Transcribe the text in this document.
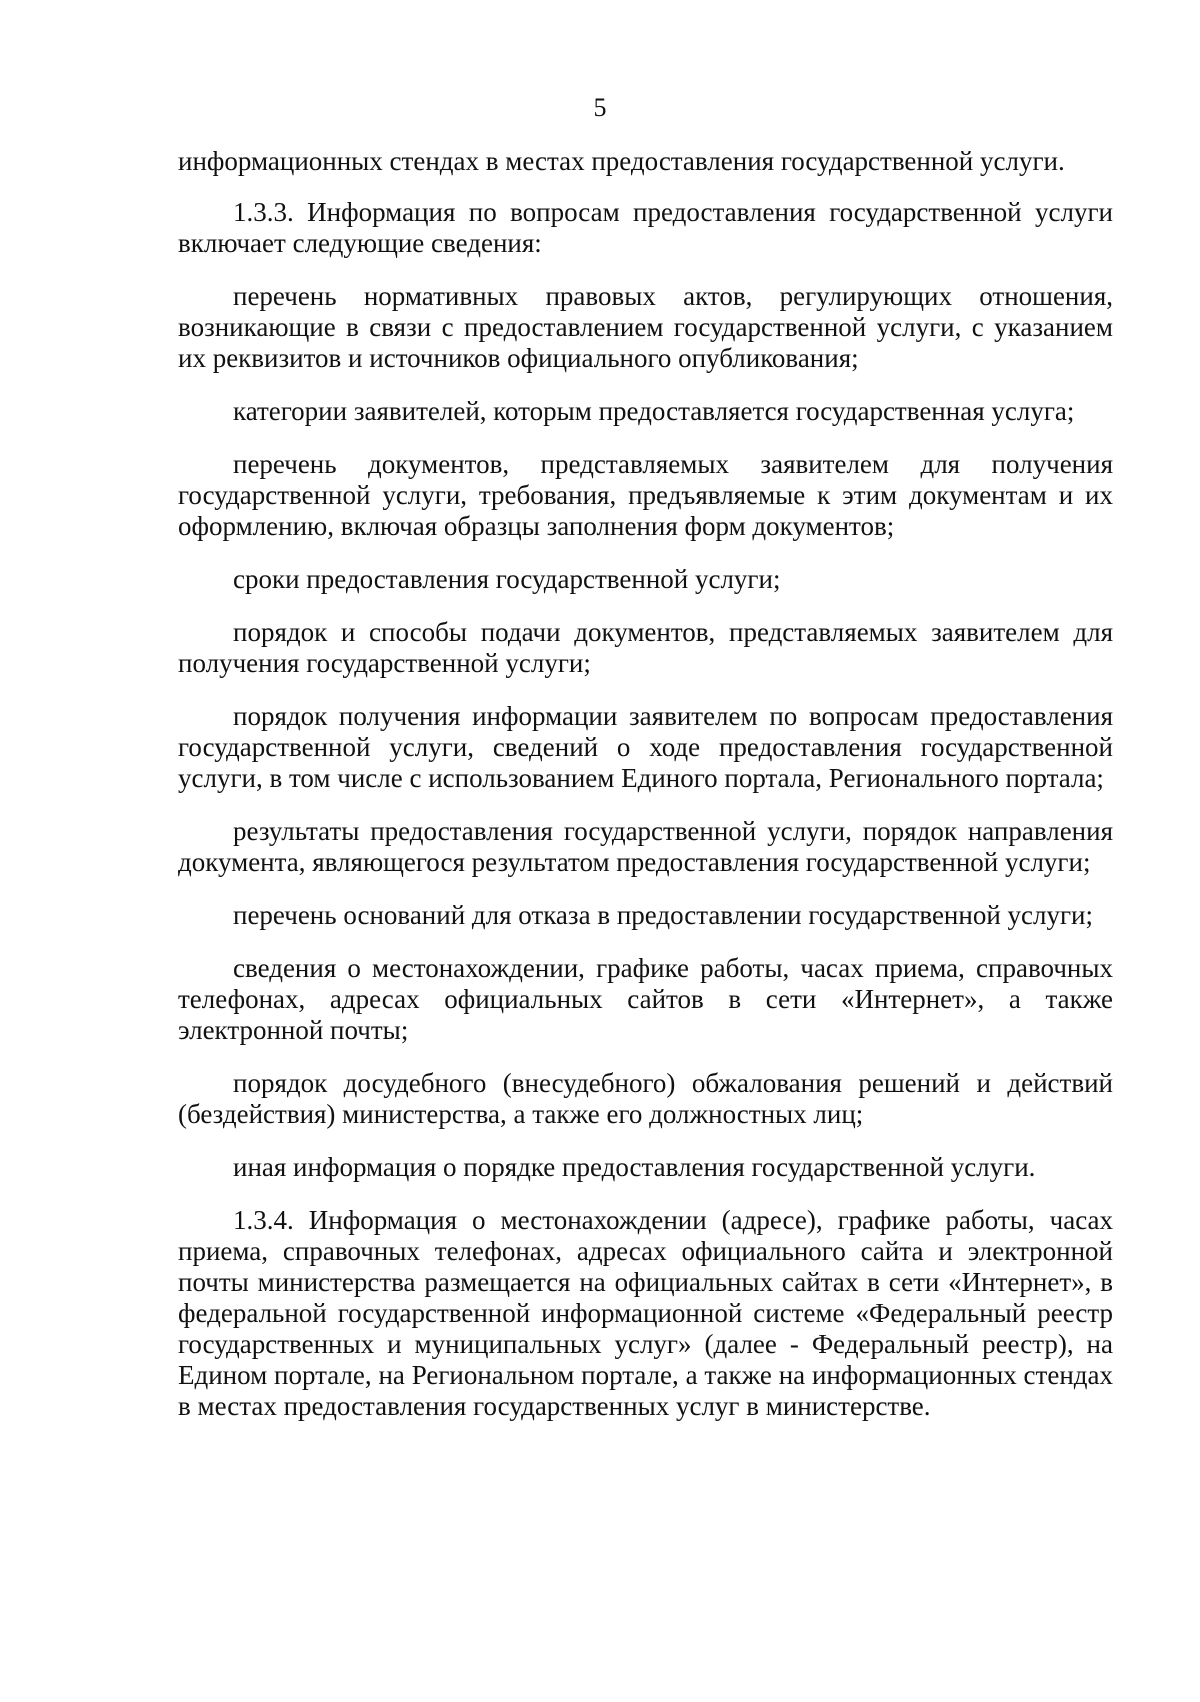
5

информационных стендах в местах предоставления государственной услуги.

1.3.3. Информация по вопросам предоставления государственной услуги включает следующие сведения:

перечень нормативных правовых актов, регулирующих отношения, возникающие в связи с предоставлением государственной услуги, с указанием их реквизитов и источников официального опубликования;

категории заявителей, которым предоставляется государственная услуга;

перечень документов, представляемых заявителем для получения государственной услуги, требования, предъявляемые к этим документам и их оформлению, включая образцы заполнения форм документов;

сроки предоставления государственной услуги;

порядок и способы подачи документов, представляемых заявителем для получения государственной услуги;

порядок получения информации заявителем по вопросам предоставления государственной услуги, сведений о ходе предоставления государственной услуги, в том числе с использованием Единого портала, Регионального портала;

результаты предоставления государственной услуги, порядок направления документа, являющегося результатом предоставления государственной услуги;

перечень оснований для отказа в предоставлении государственной услуги;

сведения о местонахождении, графике работы, часах приема, справочных телефонах, адресах официальных сайтов в сети «Интернет», а также электронной почты;

порядок досудебного (внесудебного) обжалования решений и действий (бездействия) министерства, а также его должностных лиц;

иная информация о порядке предоставления государственной услуги.

1.3.4. Информация о местонахождении (адресе), графике работы, часах приема, справочных телефонах, адресах официального сайта и электронной почты министерства размещается на официальных сайтах в сети «Интернет», в федеральной государственной информационной системе «Федеральный реестр государственных и муниципальных услуг» (далее - Федеральный реестр), на Едином портале, на Региональном портале, а также на информационных стендах в местах предоставления государственных услуг в министерстве.
